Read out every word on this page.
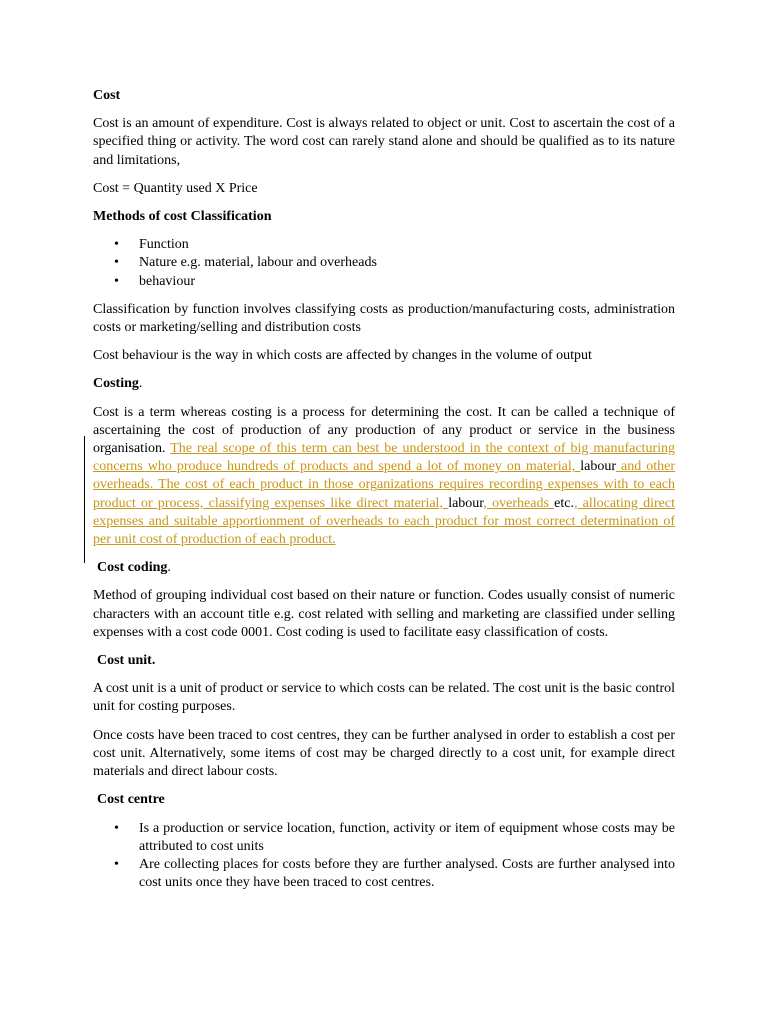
Cost

Cost is an amount of expenditure. Cost is always related to object or unit. Cost to ascertain the cost of a specified thing or activity. The word cost can rarely stand alone and should be qualified as to its nature and limitations,

Cost = Quantity used X Price

Methods of cost Classification

• Function
• Nature e.g. material, labour and overheads
• behaviour

Classification by function involves classifying costs as production/manufacturing costs, administration costs or marketing/selling and distribution costs

Cost behaviour is the way in which costs are affected by changes in the volume of output

Costing.

Cost is a term whereas costing is a process for determining the cost. It can be called a technique of ascertaining the cost of production of any production of any product or service in the business organisation. The real scope of this term can best be understood in the context of big manufacturing concerns who produce hundreds of products and spend a lot of money on material, labour and other overheads. The cost of each product in those organizations requires recording expenses with to each product or process, classifying expenses like direct material, labour, overheads etc., allocating direct expenses and suitable apportionment of overheads to each product for most correct determination of per unit cost of production of each product.

Cost coding.

Method of grouping individual cost based on their nature or function. Codes usually consist of numeric characters with an account title e.g. cost related with selling and marketing are classified under selling expenses with a cost code 0001. Cost coding is used to facilitate easy classification of costs.

Cost unit.

A cost unit is a unit of product or service to which costs can be related. The cost unit is the basic control unit for costing purposes.

Once costs have been traced to cost centres, they can be further analysed in order to establish a cost per cost unit. Alternatively, some items of cost may be charged directly to a cost unit, for example direct materials and direct labour costs.

Cost centre

• Is a production or service location, function, activity or item of equipment whose costs may be attributed to cost units
• Are collecting places for costs before they are further analysed. Costs are further analysed into cost units once they have been traced to cost centres.
